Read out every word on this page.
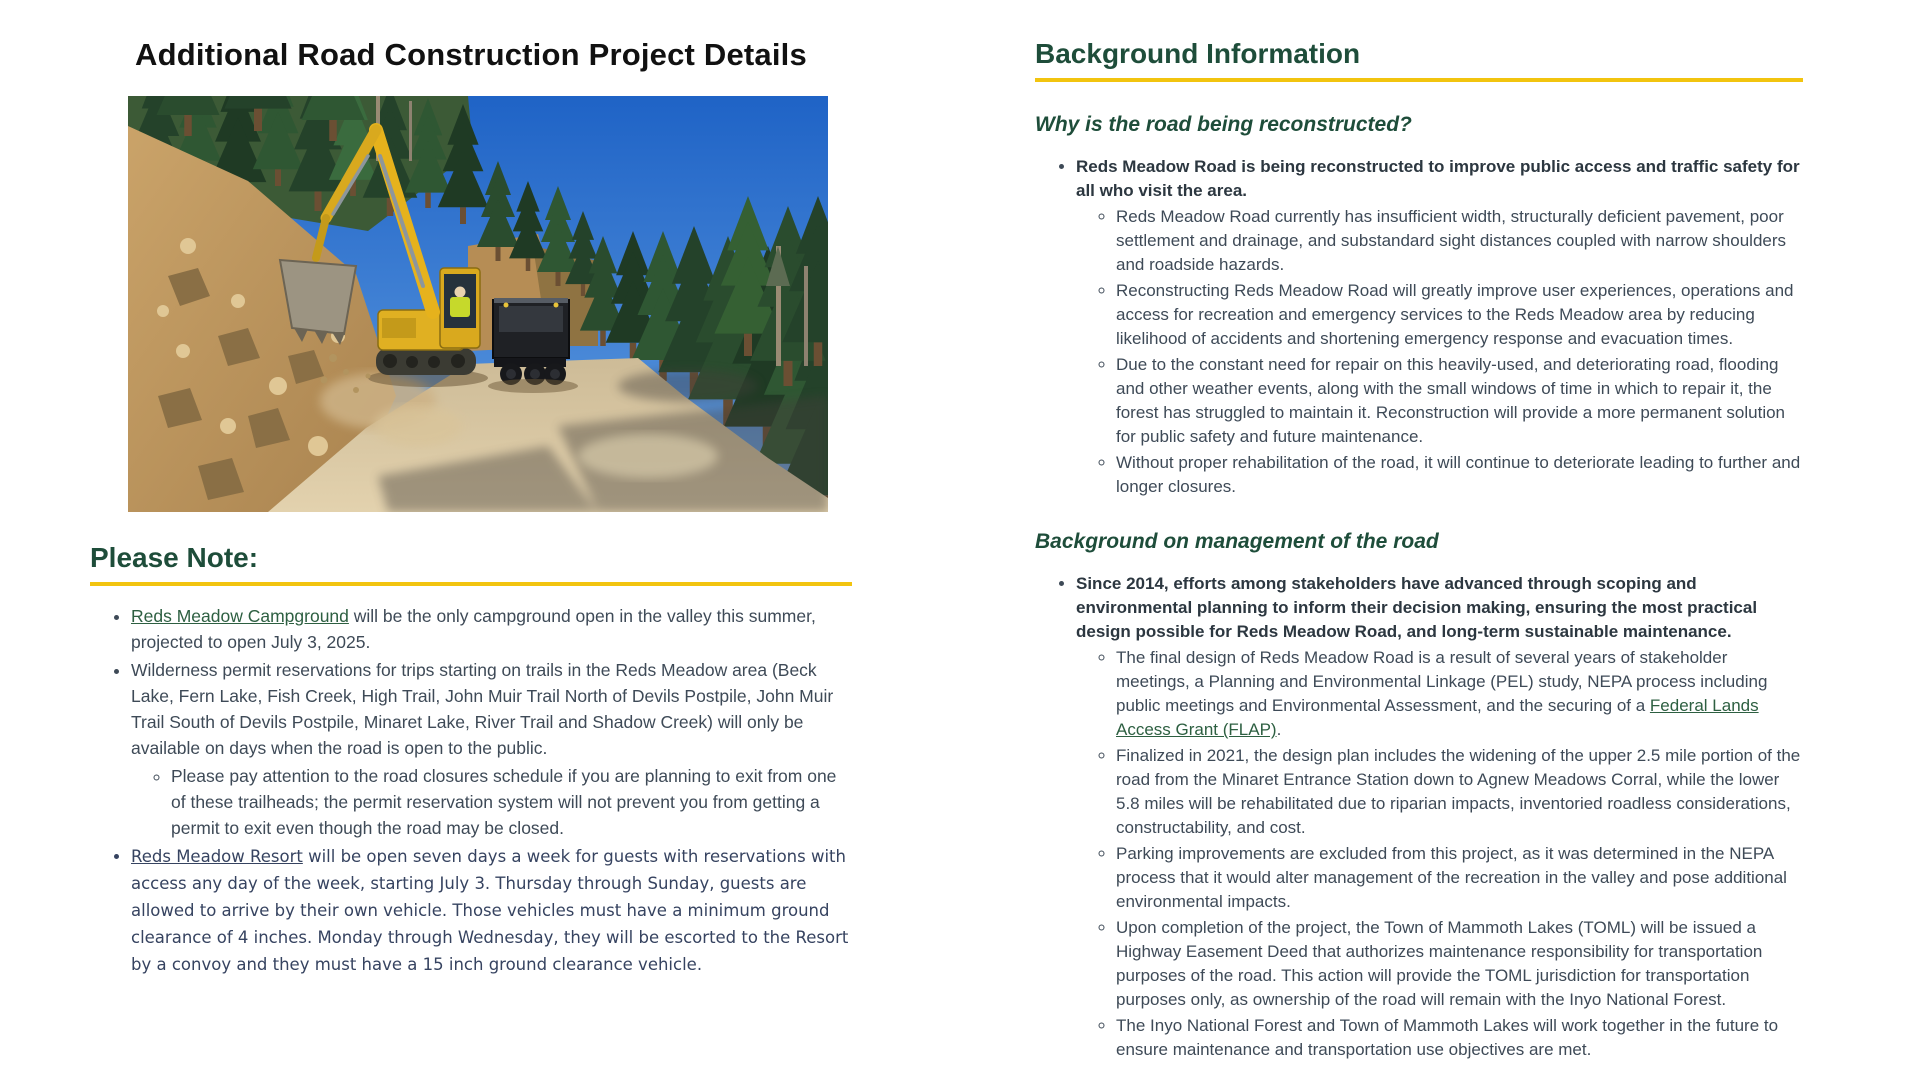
Additional Road Construction Project Details
Please Note:
• Reds Meadow Campground will be the only campground open in the valley this summer, projected to open July 3, 2025.
• Wilderness permit reservations for trips starting on trails in the Reds Meadow area (Beck Lake, Fern Lake, Fish Creek, High Trail, John Muir Trail North of Devils Postpile, John Muir Trail South of Devils Postpile, Minaret Lake, River Trail and Shadow Creek) will only be available on days when the road is open to the public.
◦ Please pay attention to the road closures schedule if you are planning to exit from one of these trailheads; the permit reservation system will not prevent you from getting a permit to exit even though the road may be closed.
• Reds Meadow Resort will be open seven days a week for guests with reservations with access any day of the week, starting July 3. Thursday through Sunday, guests are allowed to arrive by their own vehicle. Those vehicles must have a minimum ground clearance of 4 inches. Monday through Wednesday, they will be escorted to the Resort by a convoy and they must have a 15 inch ground clearance vehicle.
Background Information
Why is the road being reconstructed?
• Reds Meadow Road is being reconstructed to improve public access and traffic safety for all who visit the area.
◦ Reds Meadow Road currently has insufficient width, structurally deficient pavement, poor settlement and drainage, and substandard sight distances coupled with narrow shoulders and roadside hazards.
◦ Reconstructing Reds Meadow Road will greatly improve user experiences, operations and access for recreation and emergency services to the Reds Meadow area by reducing likelihood of accidents and shortening emergency response and evacuation times.
◦ Due to the constant need for repair on this heavily-used, and deteriorating road, flooding and other weather events, along with the small windows of time in which to repair it, the forest has struggled to maintain it. Reconstruction will provide a more permanent solution for public safety and future maintenance.
◦ Without proper rehabilitation of the road, it will continue to deteriorate leading to further and longer closures.
Background on management of the road
• Since 2014, efforts among stakeholders have advanced through scoping and environmental planning to inform their decision making, ensuring the most practical design possible for Reds Meadow Road, and long-term sustainable maintenance.
◦ The final design of Reds Meadow Road is a result of several years of stakeholder meetings, a Planning and Environmental Linkage (PEL) study, NEPA process including public meetings and Environmental Assessment, and the securing of a Federal Lands Access Grant (FLAP).
◦ Finalized in 2021, the design plan includes the widening of the upper 2.5 mile portion of the road from the Minaret Entrance Station down to Agnew Meadows Corral, while the lower 5.8 miles will be rehabilitated due to riparian impacts, inventoried roadless considerations, constructability, and cost.
◦ Parking improvements are excluded from this project, as it was determined in the NEPA process that it would alter management of the recreation in the valley and pose additional environmental impacts.
◦ Upon completion of the project, the Town of Mammoth Lakes (TOML) will be issued a Highway Easement Deed that authorizes maintenance responsibility for transportation purposes of the road. This action will provide the TOML jurisdiction for transportation purposes only, as ownership of the road will remain with the Inyo National Forest.
◦ The Inyo National Forest and Town of Mammoth Lakes will work together in the future to ensure maintenance and transportation use objectives are met.
